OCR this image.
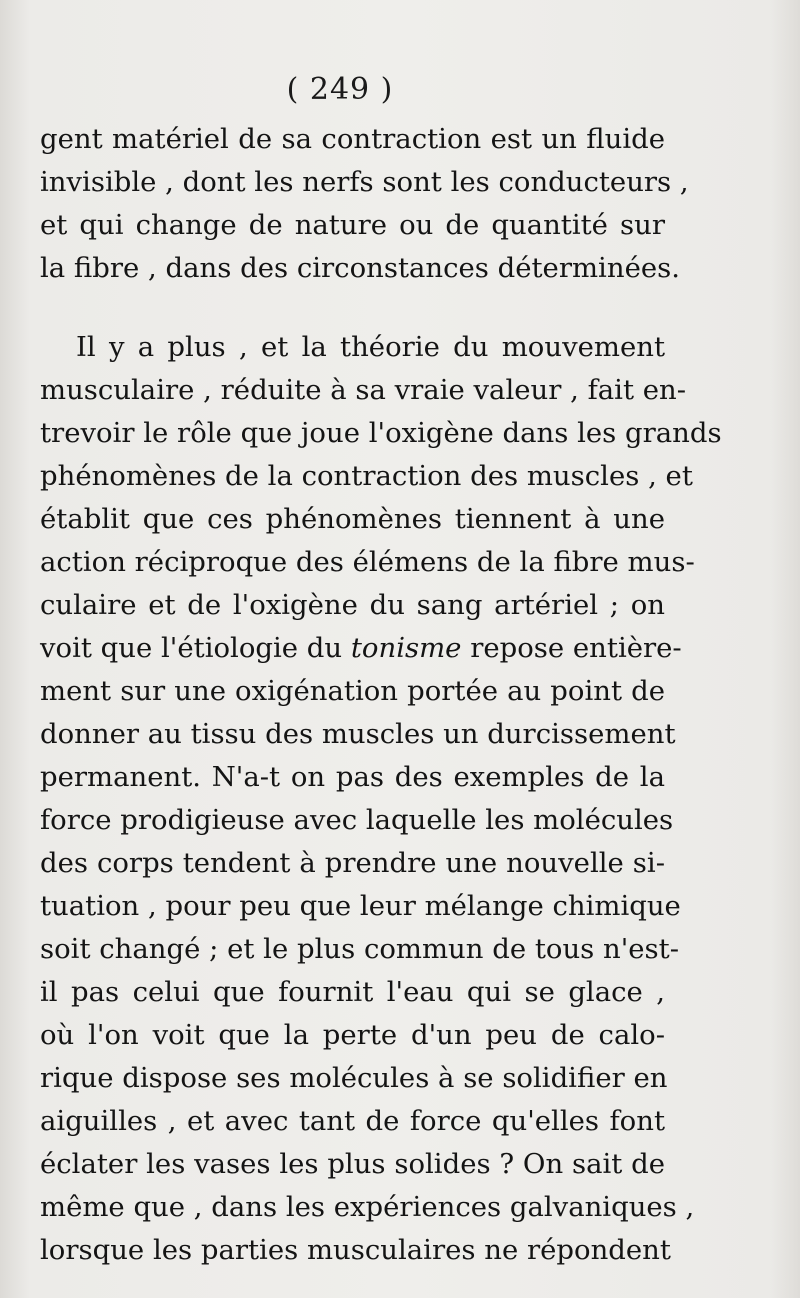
( 249 )
gent matériel de sa contraction est un fluide
invisible , dont les nerfs sont les conducteurs ,
et qui change de nature ou de quantité sur
la fibre , dans des circonstances déterminées.
Il y a plus , et la théorie du mouvement
musculaire , réduite à sa vraie valeur , fait en-
trevoir le rôle que joue l'oxigène dans les grands
phénomènes de la contraction des muscles , et
établit que ces phénomènes tiennent à une
action réciproque des élémens de la fibre mus-
culaire et de l'oxigène du sang artériel ; on
voit que l'étiologie du tonisme repose entière-
ment sur une oxigénation portée au point de
donner au tissu des muscles un durcissement
permanent. N'a-t on pas des exemples de la
force prodigieuse avec laquelle les molécules
des corps tendent à prendre une nouvelle si-
tuation , pour peu que leur mélange chimique
soit changé ; et le plus commun de tous n'est-
il pas celui que fournit l'eau qui se glace ,
où l'on voit que la perte d'un peu de calo-
rique dispose ses molécules à se solidifier en
aiguilles , et avec tant de force qu'elles font
éclater les vases les plus solides ? On sait de
même que , dans les expériences galvaniques ,
lorsque les parties musculaires ne répondent
